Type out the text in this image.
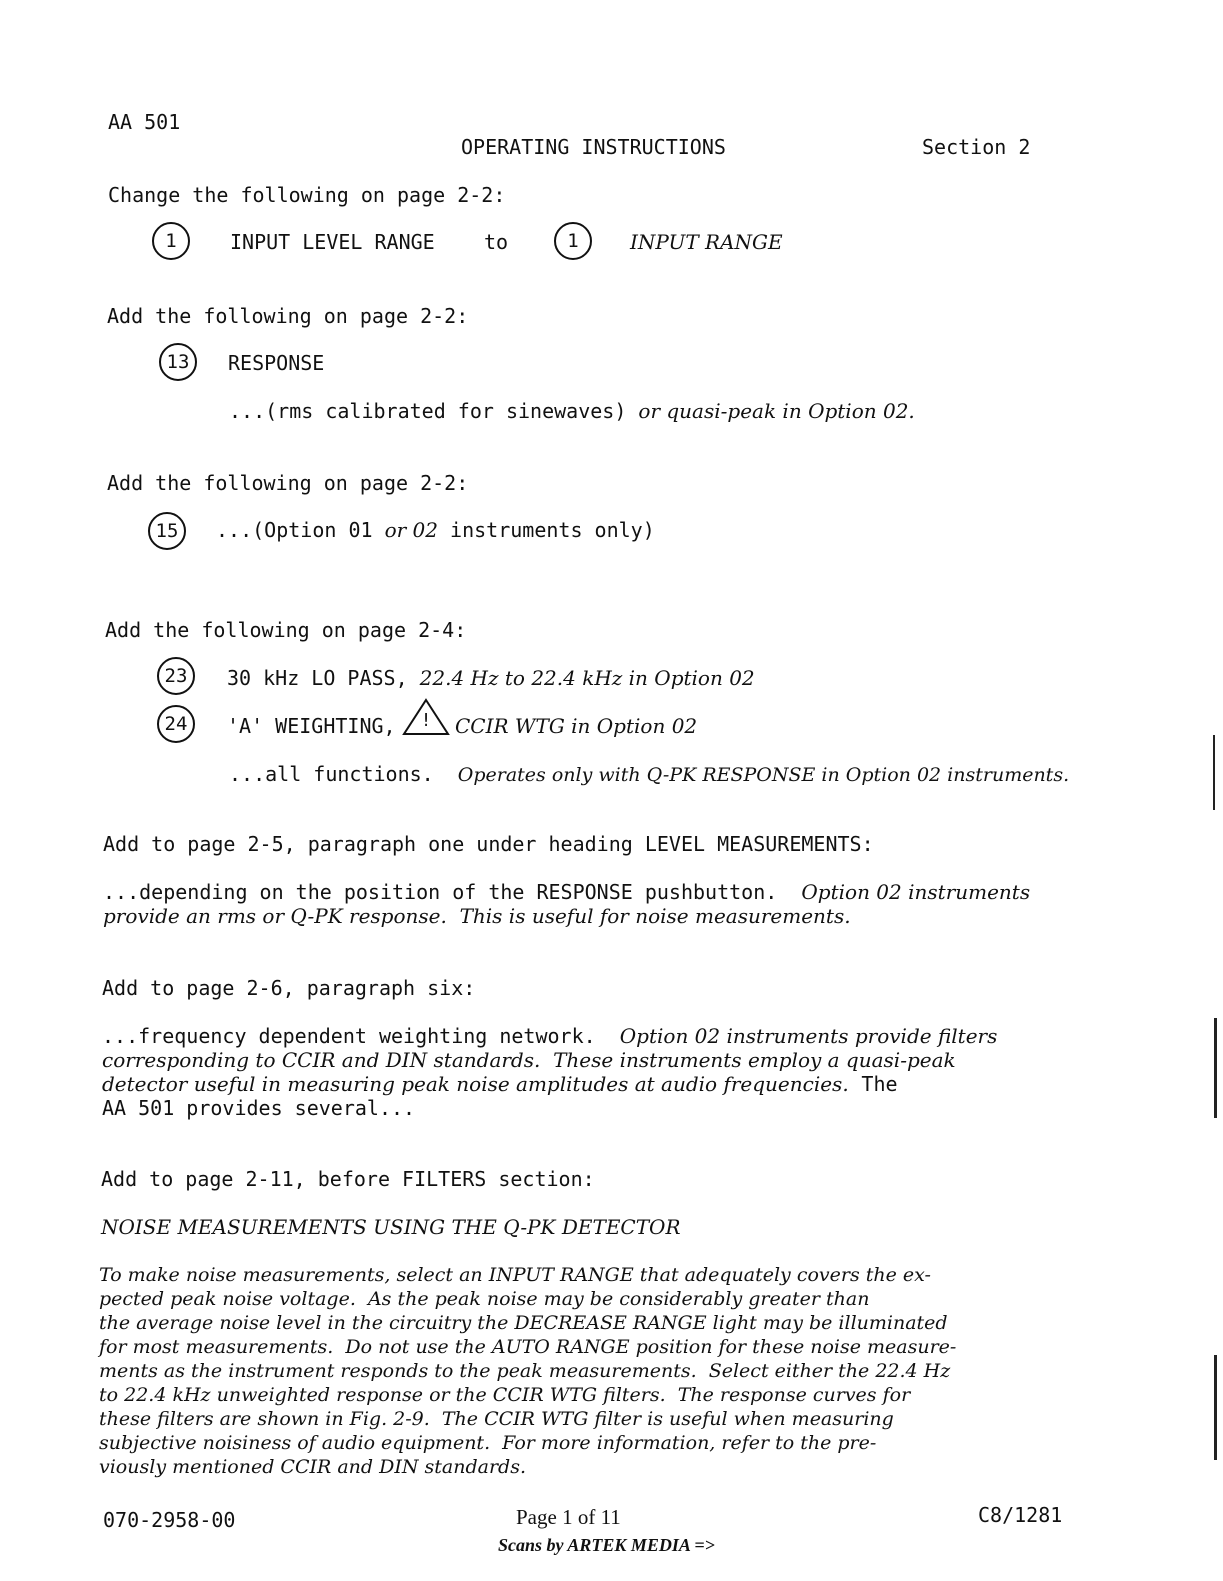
AA 501
OPERATING INSTRUCTIONS	Section 2
Change the following on page 2-2:
1	INPUT LEVEL RANGE to	1	INPUT RANGE
Add the following on page 2-2:
13	RESPONSE
...(rms calibrated for sinewaves) or quasi-peak in Option 02.
Add the following on page 2-2:
15	...(Option 01 or 02 instruments only)
Add the following on page 2-4:
23	30 kHz LO PASS, 22.4 Hz to 22.4 kHz in Option 02
24	'A' WEIGHTING,	!	CCIR WTG in Option 02
...all functions.  Operates only with Q-PK RESPONSE in Option 02 instruments.
Add to page 2-5, paragraph one under heading LEVEL MEASUREMENTS:
...depending on the position of the RESPONSE pushbutton.  Option 02 instruments
provide an rms or Q-PK response.  This is useful for noise measurements.
Add to page 2-6, paragraph six:
...frequency dependent weighting network.  Option 02 instruments provide filters
corresponding to CCIR and DIN standards.  These instruments employ a quasi-peak
detector useful in measuring peak noise amplitudes at audio frequencies.  The
AA 501 provides several...
Add to page 2-11, before FILTERS section:
NOISE MEASUREMENTS USING THE Q-PK DETECTOR
To make noise measurements, select an INPUT RANGE that adequately covers the ex-
pected peak noise voltage.  As the peak noise may be considerably greater than
the average noise level in the circuitry the DECREASE RANGE light may be illuminated
for most measurements.  Do not use the AUTO RANGE position for these noise measure-
ments as the instrument responds to the peak measurements.  Select either the 22.4 Hz
to 22.4 kHz unweighted response or the CCIR WTG filters.  The response curves for
these filters are shown in Fig. 2-9.  The CCIR WTG filter is useful when measuring
subjective noisiness of audio equipment.  For more information, refer to the pre-
viously mentioned CCIR and DIN standards.
070-2958-00	Page 1 of 11	C8/1281
Scans by ARTEK MEDIA =>
